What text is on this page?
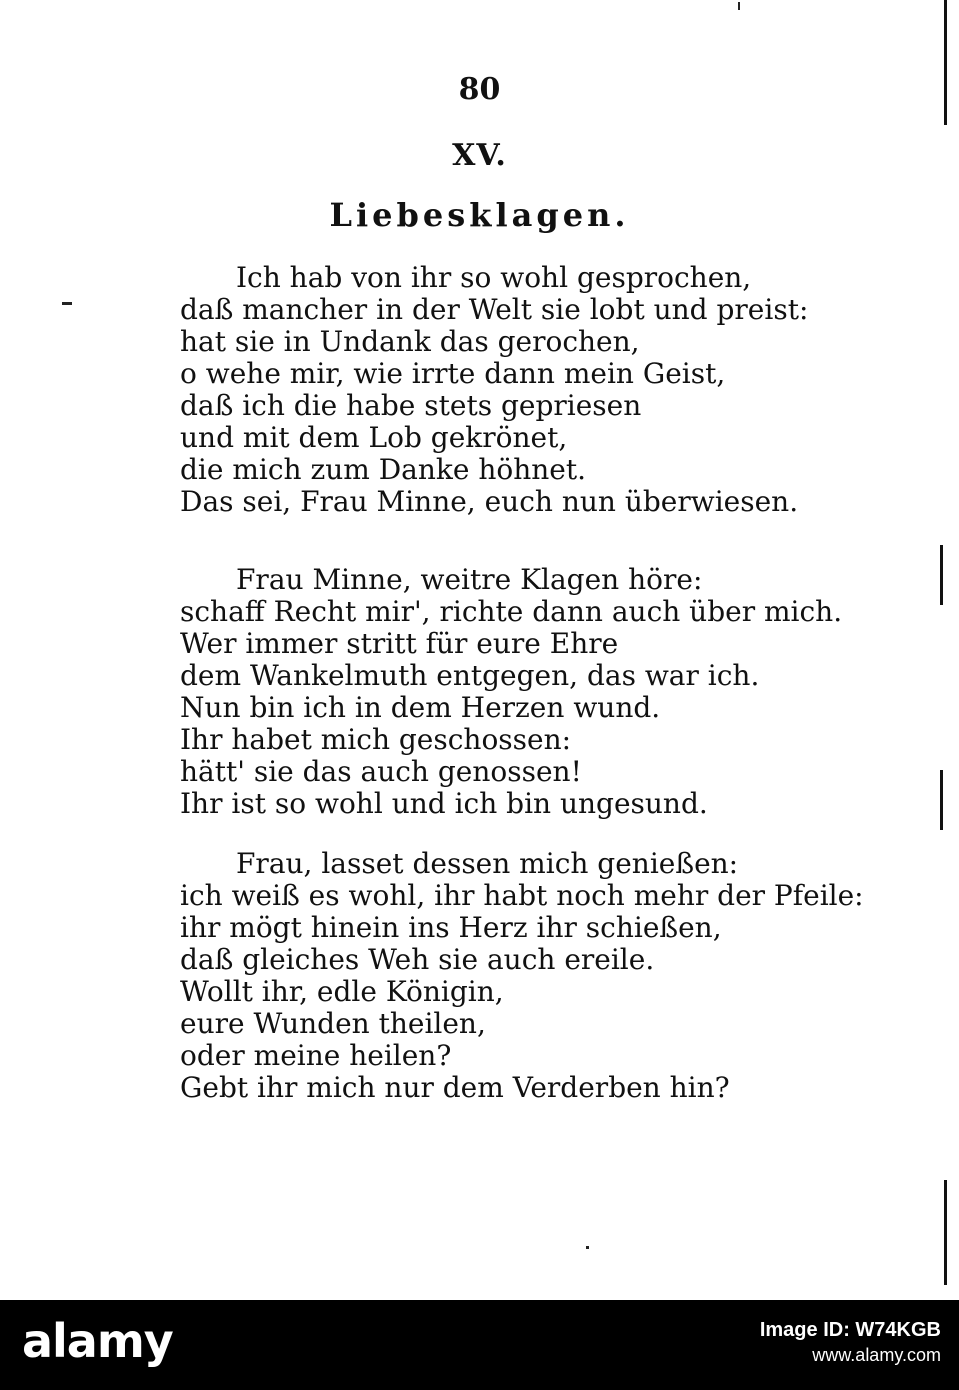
80
XV.
Liebesklagen.
Ich hab von ihr so wohl gesprochen,
daß mancher in der Welt sie lobt und preist:
hat sie in Undank das gerochen,
o wehe mir, wie irrte dann mein Geist,
daß ich die habe stets gepriesen
und mit dem Lob gekrönet,
die mich zum Danke höhnet.
Das sei, Frau Minne, euch nun überwiesen.
Frau Minne, weitre Klagen höre:
schaff Recht mir', richte dann auch über mich.
Wer immer stritt für eure Ehre
dem Wankelmuth entgegen, das war ich.
Nun bin ich in dem Herzen wund.
Ihr habet mich geschossen:
hätt' sie das auch genossen!
Ihr ist so wohl und ich bin ungesund.
Frau, lasset dessen mich genießen:
ich weiß es wohl, ihr habt noch mehr der Pfeile:
ihr mögt hinein ins Herz ihr schießen,
daß gleiches Weh sie auch ereile.
Wollt ihr, edle Königin,
eure Wunden theilen,
oder meine heilen?
Gebt ihr mich nur dem Verderben hin?
alamy	Image ID: W74KGB
www.alamy.com
